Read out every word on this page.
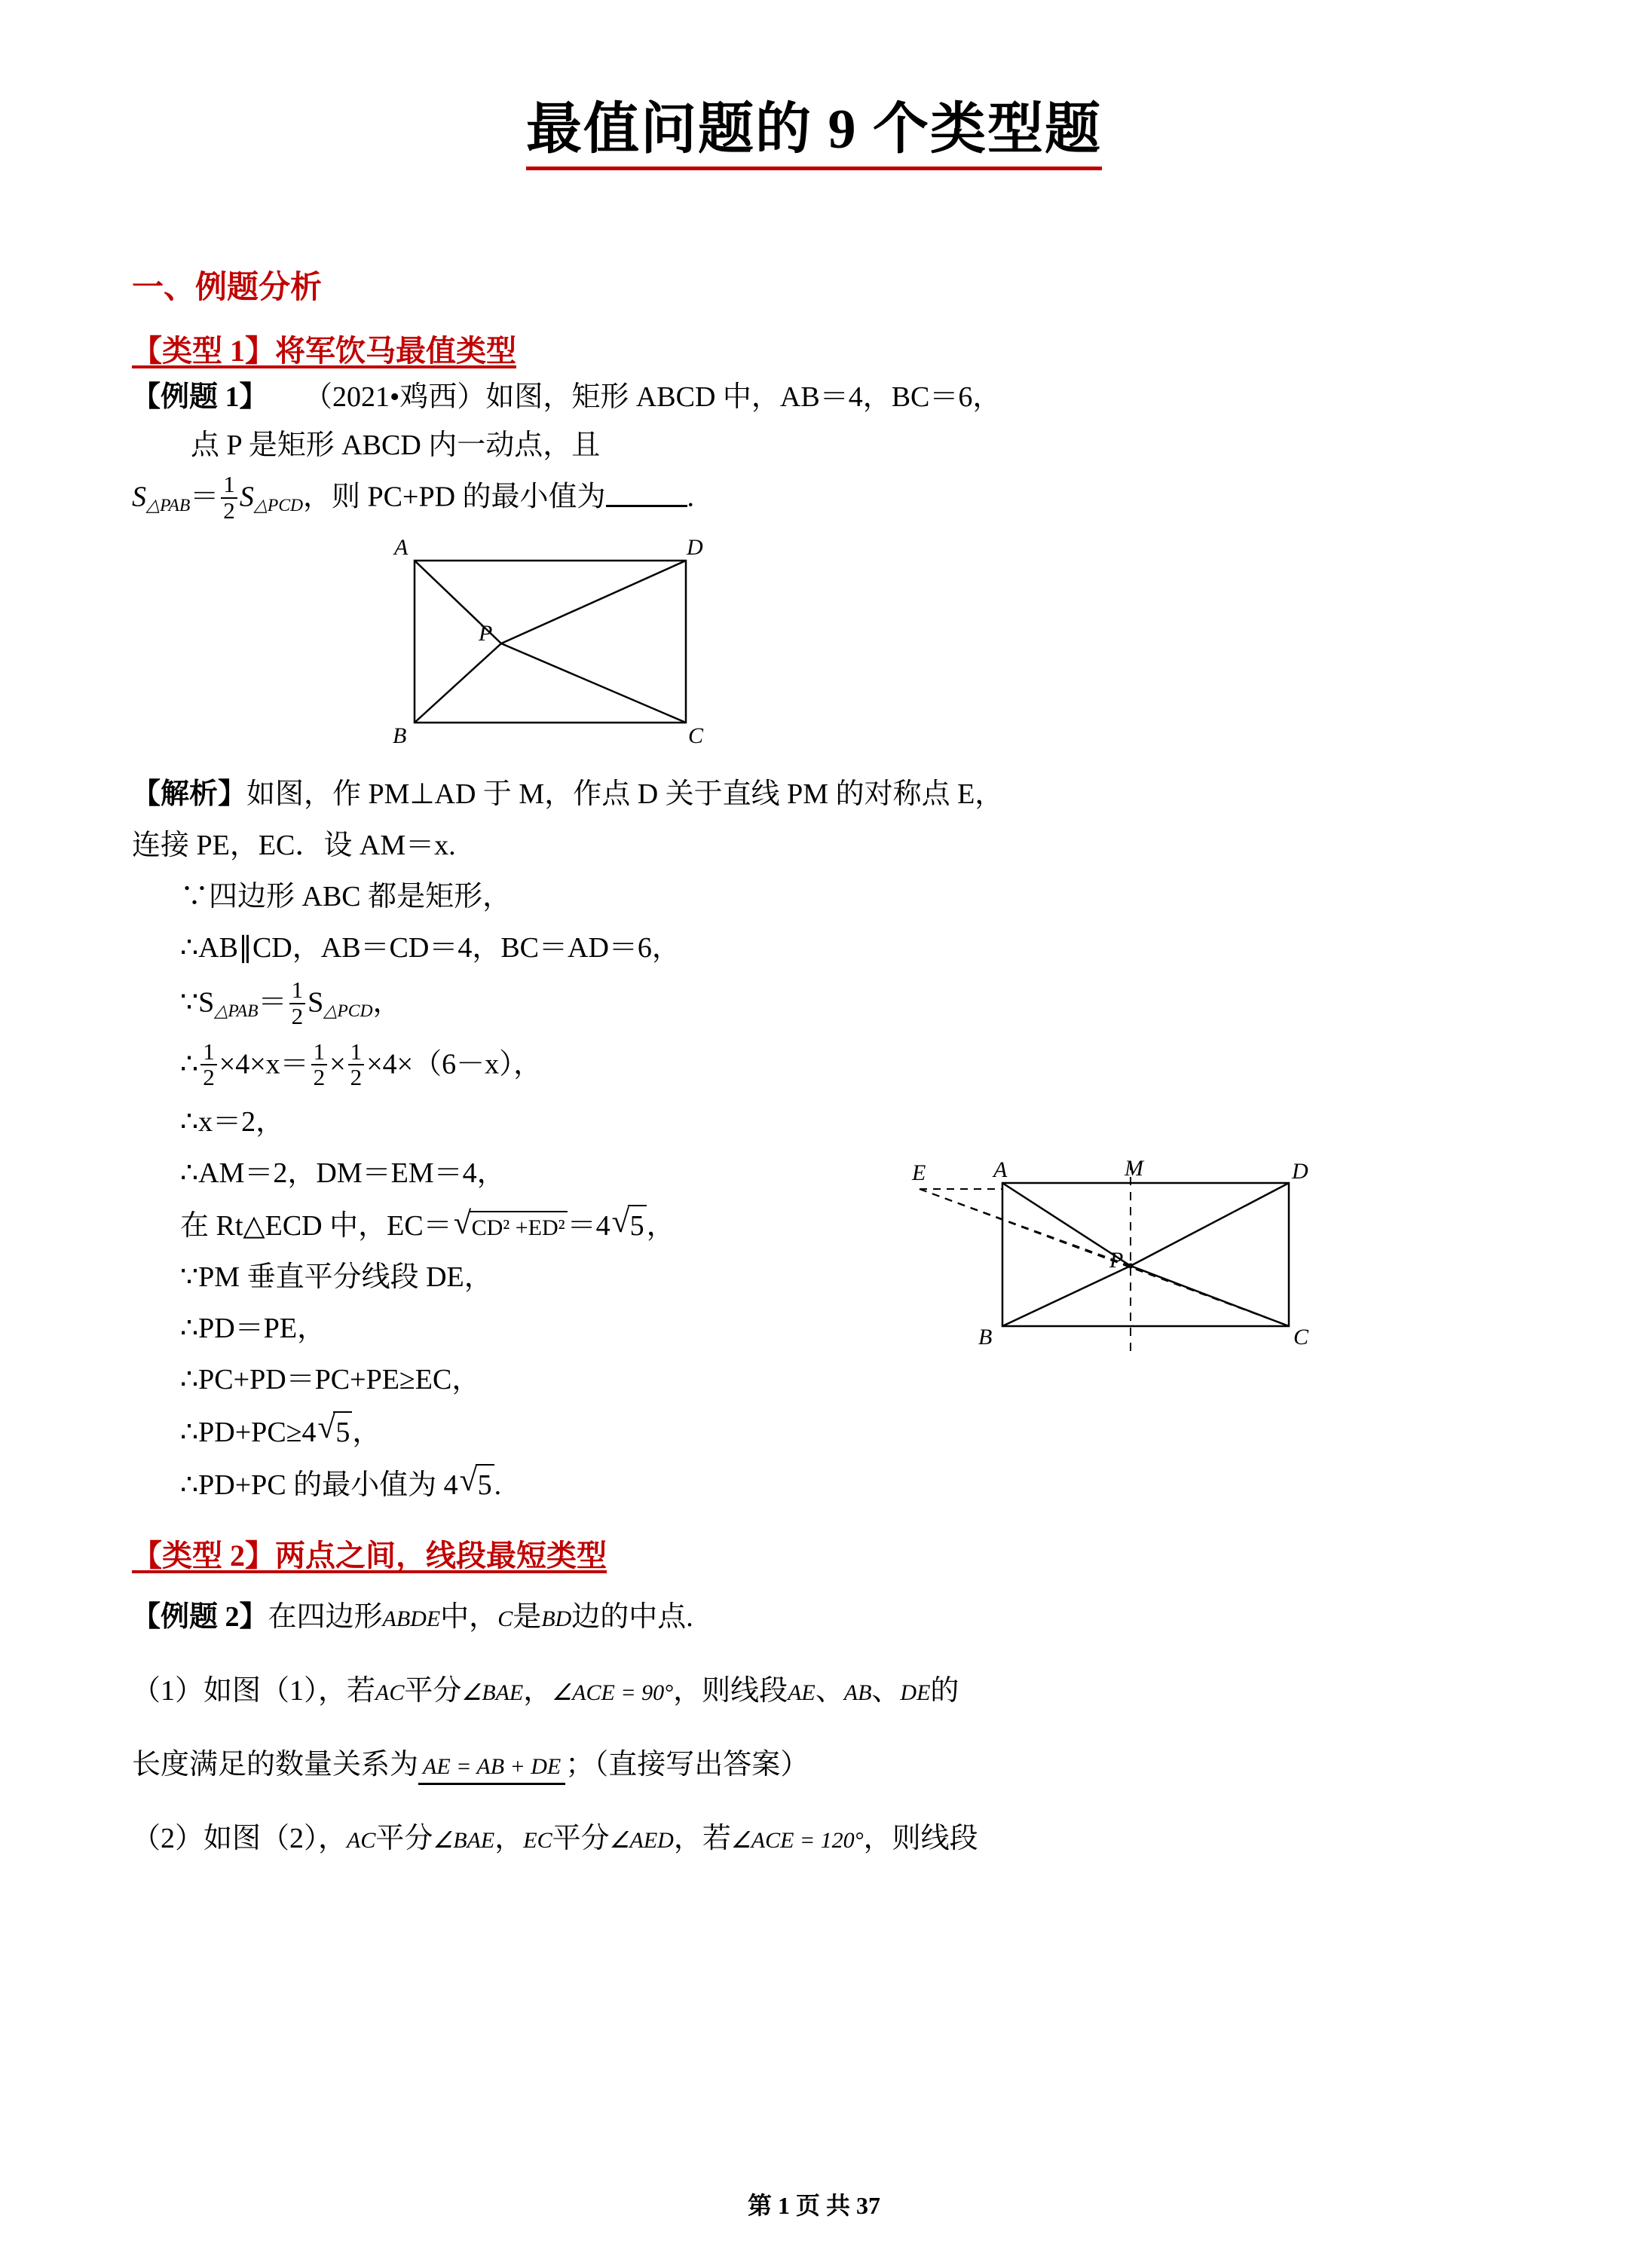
最值问题的 9 个类型题
一、例题分析
【类型 1】将军饮马最值类型
【例题 1】 （2021•鸡西）如图，矩形 ABCD 中，AB＝4，BC＝6，
点 P 是矩形 ABCD 内一动点，且
$S_{\triangle PAB}= \frac{1}{2} S_{\triangle PCD}$，则 PC+PD 的最小值为	.
A	D
P
B	C
【解析】如图，作 PM⊥AD 于 M，作点 D 关于直线 PM 的对称点 E，
连接 PE，EC．设 AM＝x.
∵四边形 ABC 都是矩形，
∴AB∥CD，AB＝CD＝4，BC＝AD＝6，
$\because S_{\triangle PAB}= \frac{1}{2} S_{\triangle PCD}$，
∴ $\frac{1}{2} \times 4\times x= \frac{1}{2} \times \frac{1}{2} \times 4\times(6-x)$，
∴x＝2，
∴AM＝2，DM＝EM＝4，
在 Rt△ECD 中，EC＝ √ CD² +ED²＝4 √ 5，
∵PM 垂直平分线段 DE，
∴PD＝PE，
∴PC+PD＝PC+PE≥EC，
∴PD+PC≥4 √ 5，
∴PD+PC 的最小值为 4 √ 5.
【类型 2】两点之间，线段最短类型
【例题 2】在四边形ABDE中，C是BD边的中点.
（1）如图（1），若AC平分∠BAE，∠ACE = 90°，则线段AE、AB、DE的
长度满足的数量关系为 AE = AB + DE ；（直接写出答案）
（2）如图（2），AC平分∠BAE，EC平分∠AED，若∠ACE = 120°，则线段
E	A	M	D
P
B	C
第 1 页 共 37
